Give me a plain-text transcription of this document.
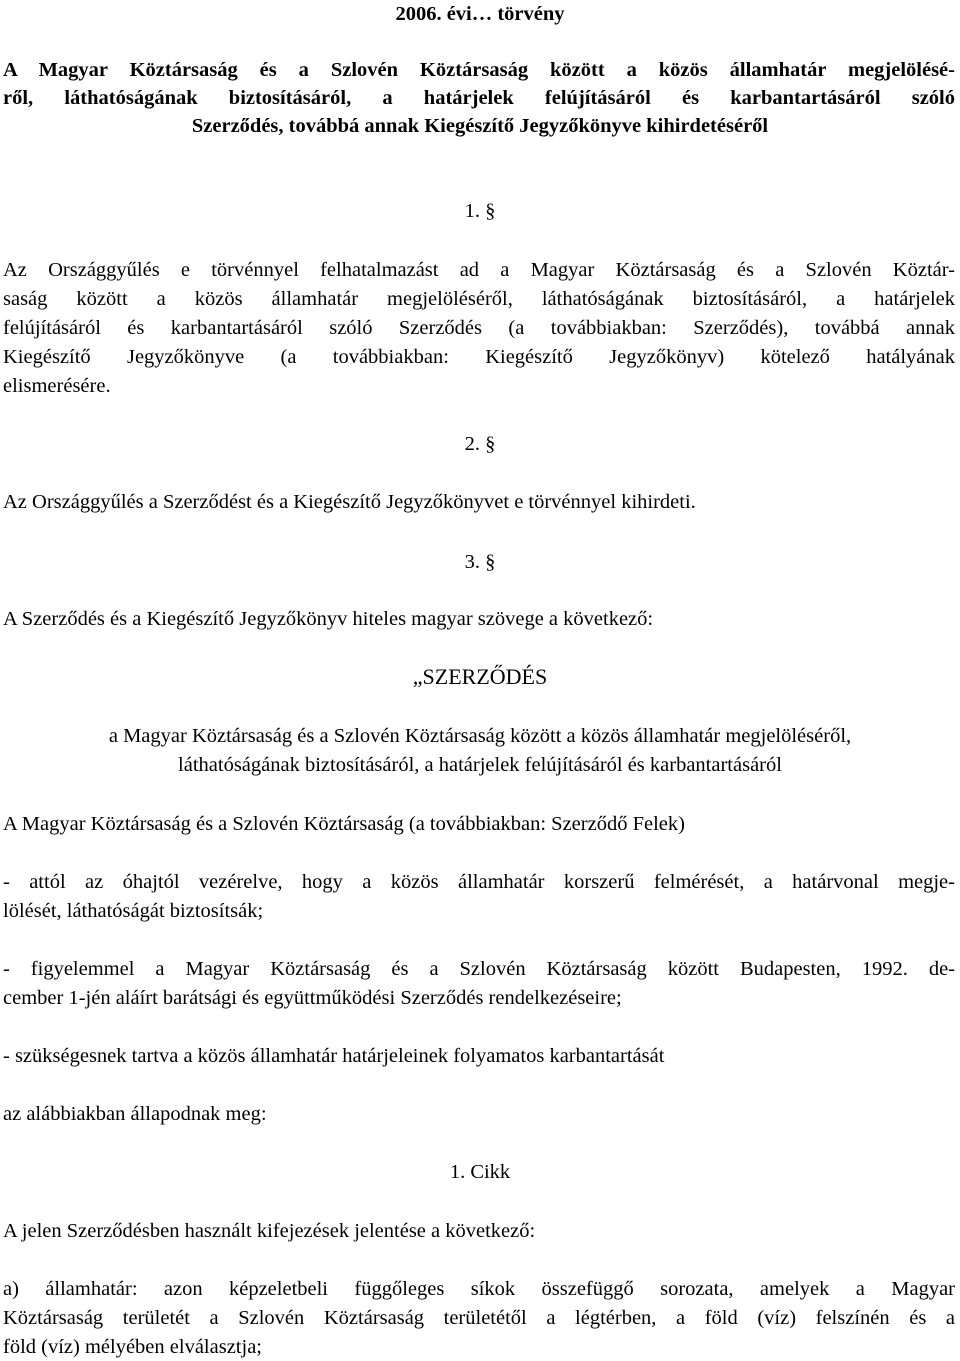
2006. évi… törvény
A Magyar Köztársaság és a Szlovén Köztársaság között a közös államhatár megjelölésé-
ről, láthatóságának biztosításáról, a határjelek felújításáról és karbantartásáról szóló
Szerződés, továbbá annak Kiegészítő Jegyzőkönyve kihirdetéséről
1. §
Az Országgyűlés e törvénnyel felhatalmazást ad a Magyar Köztársaság és a Szlovén Köztár-
saság között a közös államhatár megjelöléséről, láthatóságának biztosításáról, a határjelek
felújításáról és karbantartásáról szóló Szerződés (a továbbiakban: Szerződés), továbbá annak
Kiegészítő Jegyzőkönyve (a továbbiakban: Kiegészítő Jegyzőkönyv) kötelező hatályának
elismerésére.
2. §
Az Országgyűlés a Szerződést és a Kiegészítő Jegyzőkönyvet e törvénnyel kihirdeti.
3. §
A Szerződés és a Kiegészítő Jegyzőkönyv hiteles magyar szövege a következő:
„SZERZŐDÉS
a Magyar Köztársaság és a Szlovén Köztársaság között a közös államhatár megjelöléséről,
láthatóságának biztosításáról, a határjelek felújításáról és karbantartásáról
A Magyar Köztársaság és a Szlovén Köztársaság (a továbbiakban: Szerződő Felek)
- attól az óhajtól vezérelve, hogy a közös államhatár korszerű felmérését, a határvonal megje-
lölését, láthatóságát biztosítsák;
- figyelemmel a Magyar Köztársaság és a Szlovén Köztársaság között Budapesten, 1992. de-
cember 1-jén aláírt barátsági és együttműködési Szerződés rendelkezéseire;
- szükségesnek tartva a közös államhatár határjeleinek folyamatos karbantartását
az alábbiakban állapodnak meg:
1. Cikk
A jelen Szerződésben használt kifejezések jelentése a következő:
a) államhatár: azon képzeletbeli függőleges síkok összefüggő sorozata, amelyek a Magyar
Köztársaság területét a Szlovén Köztársaság területétől a légtérben, a föld (víz) felszínén és a
föld (víz) mélyében elválasztja;
